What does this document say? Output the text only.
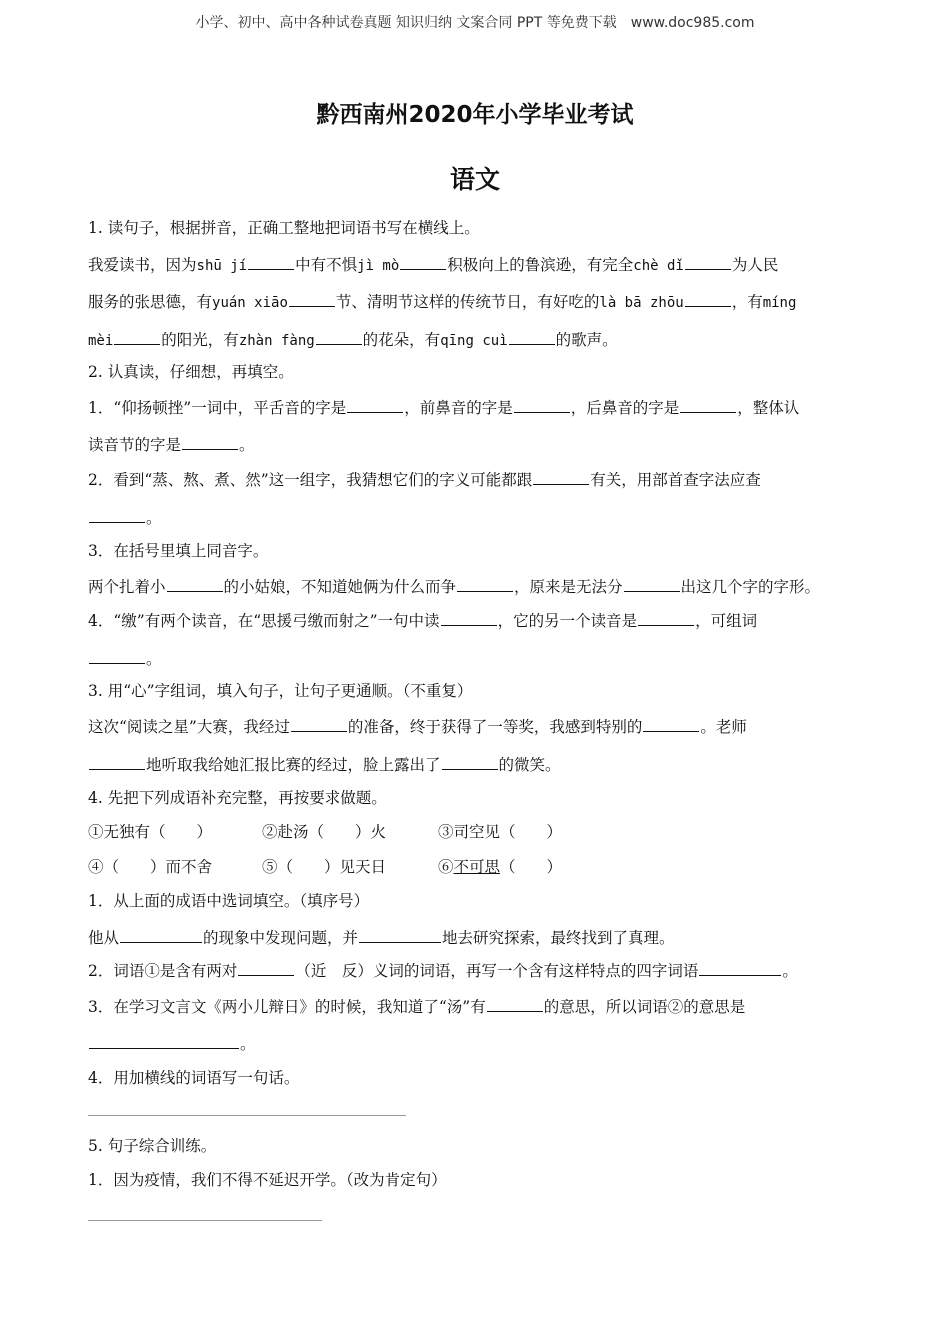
小学、初中、高中各种试卷真题 知识归纳 文案合同 PPT 等免费下载 www.doc985.com
黔西南州2020年小学毕业考试
语文
1. 读句子，根据拼音，正确工整地把词语书写在横线上。
我爱读书，因为shū jí	中有不惧jì mò	积极向上的鲁滨逊，有完全chè dǐ	为人民
服务的张思德，有yuán xiāo	节、清明节这样的传统节日，有好吃的là bā zhōu	，有míng
mèi	的阳光，有zhàn fàng	的花朵，有qīng cuì	的歌声。
2. 认真读，仔细想，再填空。
1．“仰扬顿挫”一词中，平舌音的字是	，前鼻音的字是	，后鼻音的字是	，整体认
读音节的字是	。
2．看到“蒸、熬、煮、然”这一组字，我猜想它们的字义可能都跟	有关，用部首查字法应查
。
3．在括号里填上同音字。
两个扎着小	的小姑娘，不知道她俩为什么而争	，原来是无法分	出这几个字的字形。
4．“缴”有两个读音，在“思援弓缴而射之”一句中读	，它的另一个读音是	，可组词
。
3. 用“心”字组词，填入句子，让句子更通顺。（不重复）
这次“阅读之星”大赛，我经过	的准备，终于获得了一等奖，我感到特别的	。老师
地听取我给她汇报比赛的经过，脸上露出了	的微笑。
4. 先把下列成语补充完整，再按要求做题。
①无独有（　　）	②赴汤（　　）火	③司空见（　　）
④（　　）而不舍	⑤（　　）见天日	⑥不可思（　　）
1．从上面的成语中选词填空。（填序号）
他从	的现象中发现问题，并	地去研究探索，最终找到了真理。
2．词语①是含有两对	（近　反）义词的词语，再写一个含有这样特点的四字词语	。
3．在学习文言文《两小儿辩日》的时候，我知道了“汤”有	的意思，所以词语②的意思是
。
4．用加横线的词语写一句话。
5. 句子综合训练。
1．因为疫情，我们不得不延迟开学。（改为肯定句）
